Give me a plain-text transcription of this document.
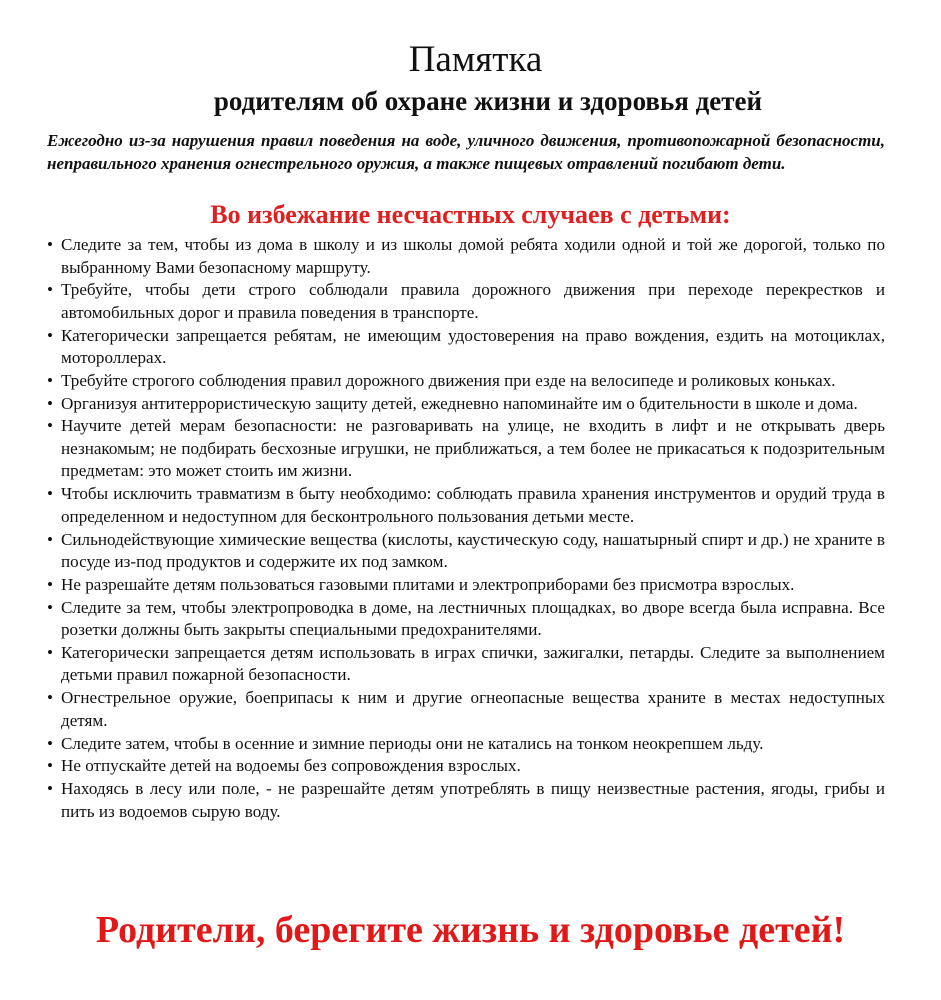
Памятка
родителям об охране жизни и здоровья детей

Ежегодно из-за нарушения правил поведения на воде, уличного движения, противопожарной безопасности, неправильного хранения огнестрельного оружия, а также пищевых отравлений погибают дети.

Во избежание несчастных случаев с детьми:
• Следите за тем, чтобы из дома в школу и из школы домой ребята ходили одной и той же дорогой, только по выбранному Вами безопасному маршруту.
• Требуйте, чтобы дети строго соблюдали правила дорожного движения при переходе перекрестков и автомобильных дорог и правила поведения в транспорте.
• Категорически запрещается ребятам, не имеющим удостоверения на право вождения, ездить на мотоциклах, мотороллерах.
• Требуйте строгого соблюдения правил дорожного движения при езде на велосипеде и роликовых коньках.
• Организуя антитеррористическую защиту детей, ежедневно напоминайте им о бдительности в школе и дома.
• Научите детей мерам безопасности: не разговаривать на улице, не входить в лифт и не открывать дверь незнакомым; не подбирать бесхозные игрушки, не приближаться, а тем более не прикасаться к подозрительным предметам: это может стоить им жизни.
• Чтобы исключить травматизм в быту необходимо: соблюдать правила хранения инструментов и орудий труда в определенном и недоступном для бесконтрольного пользования детьми месте.
• Сильнодействующие химические вещества (кислоты, каустическую соду, нашатырный спирт и др.) не храните в посуде из-под продуктов и содержите их под замком.
• Не разрешайте детям пользоваться газовыми плитами и электроприборами без присмотра взрослых.
• Следите за тем, чтобы электропроводка в доме, на лестничных площадках, во дворе всегда была исправна. Все розетки должны быть закрыты специальными предохранителями.
• Категорически запрещается детям использовать в играх спички, зажигалки, петарды. Следите за выполнением детьми правил пожарной безопасности.
• Огнестрельное оружие, боеприпасы к ним и другие огнеопасные вещества храните в местах недоступных детям.
• Следите затем, чтобы в осенние и зимние периоды они не катались на тонком неокрепшем льду.
• Не отпускайте детей на водоемы без сопровождения взрослых.
• Находясь в лесу или поле, - не разрешайте детям употреблять в пищу неизвестные растения, ягоды, грибы и пить из водоемов сырую воду.

Родители, берегите жизнь и здоровье детей!
